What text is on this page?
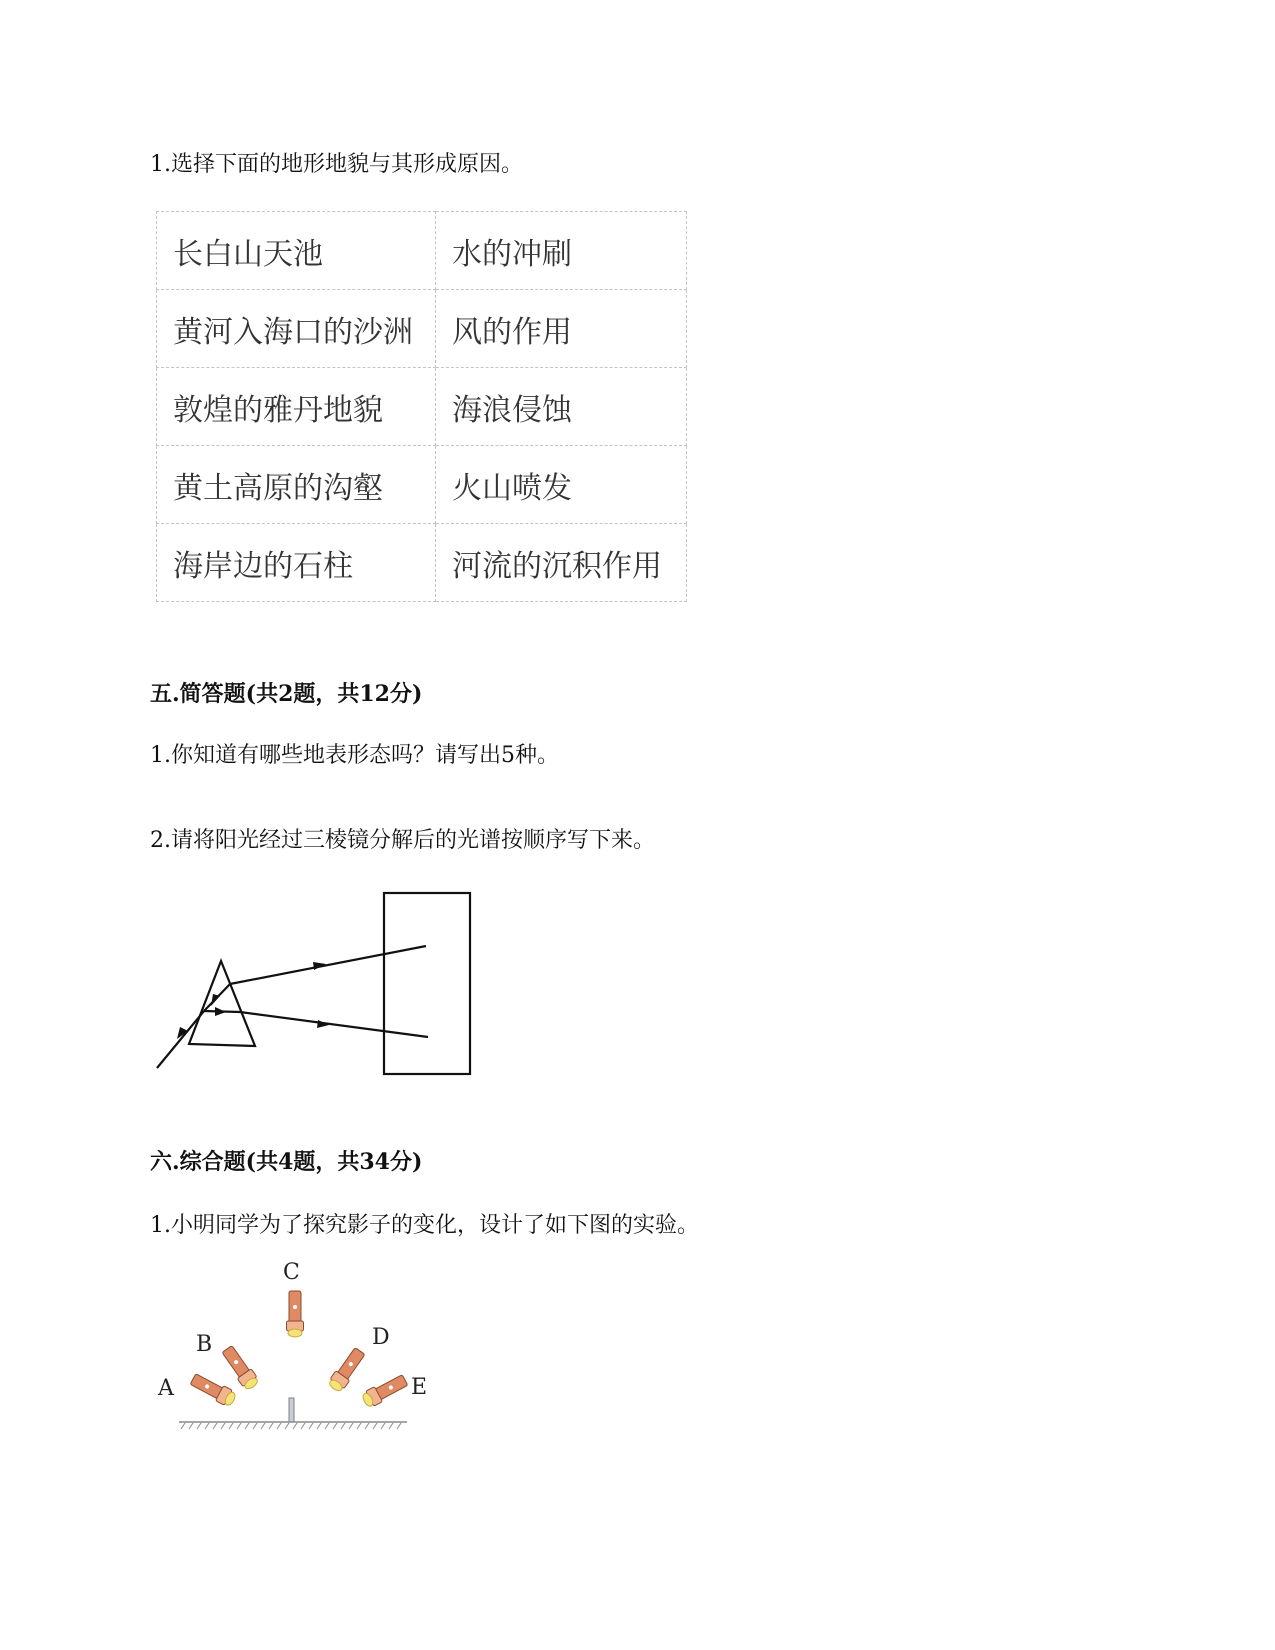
1.选择下面的地形地貌与其形成原因。
长白山天池	水的冲刷
黄河入海口的沙洲	风的作用
敦煌的雅丹地貌	海浪侵蚀
黄土高原的沟壑	火山喷发
海岸边的石柱	河流的沉积作用
五.简答题(共2题，共12分)
1.你知道有哪些地表形态吗？请写出5种。
2.请将阳光经过三棱镜分解后的光谱按顺序写下来。
六.综合题(共4题，共34分)
1.小明同学为了探究影子的变化，设计了如下图的实验。
A
B
C
D
E
